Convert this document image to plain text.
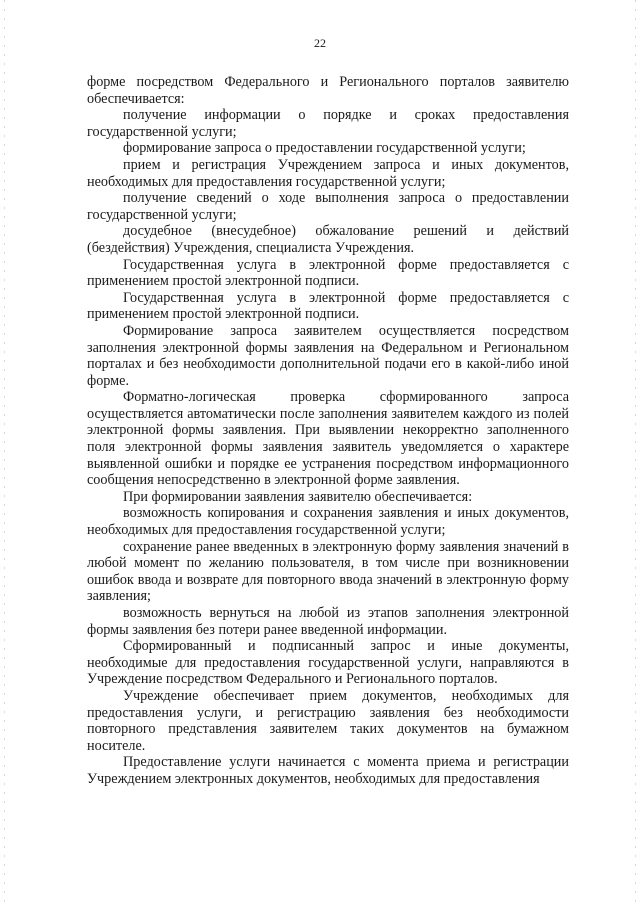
22

форме посредством Федерального и Регионального порталов заявителю обеспечивается:

получение информации о порядке и сроках предоставления государственной услуги;

формирование запроса о предоставлении государственной услуги;

прием и регистрация Учреждением запроса и иных документов, необходимых для предоставления государственной услуги;

получение сведений о ходе выполнения запроса о предоставлении государственной услуги;

досудебное (внесудебное) обжалование решений и действий (бездействия) Учреждения, специалиста Учреждения.

Государственная услуга в электронной форме предоставляется с применением простой электронной подписи.

Государственная услуга в электронной форме предоставляется с применением простой электронной подписи.

Формирование запроса заявителем осуществляется посредством заполнения электронной формы заявления на Федеральном и Региональном порталах и без необходимости дополнительной подачи его в какой-либо иной форме.

Форматно-логическая проверка сформированного запроса осуществляется автоматически после заполнения заявителем каждого из полей электронной формы заявления. При выявлении некорректно заполненного поля электронной формы заявления заявитель уведомляется о характере выявленной ошибки и порядке ее устранения посредством информационного сообщения непосредственно в электронной форме заявления.

При формировании заявления заявителю обеспечивается:

возможность копирования и сохранения заявления и иных документов, необходимых для предоставления государственной услуги;

сохранение ранее введенных в электронную форму заявления значений в любой момент по желанию пользователя, в том числе при возникновении ошибок ввода и возврате для повторного ввода значений в электронную форму заявления;

возможность вернуться на любой из этапов заполнения электронной формы заявления без потери ранее введенной информации.

Сформированный и подписанный запрос и иные документы, необходимые для предоставления государственной услуги, направляются в Учреждение посредством Федерального и Регионального порталов.

Учреждение обеспечивает прием документов, необходимых для предоставления услуги, и регистрацию заявления без необходимости повторного представления заявителем таких документов на бумажном носителе.

Предоставление услуги начинается с момента приема и регистрации Учреждением электронных документов, необходимых для предоставления
